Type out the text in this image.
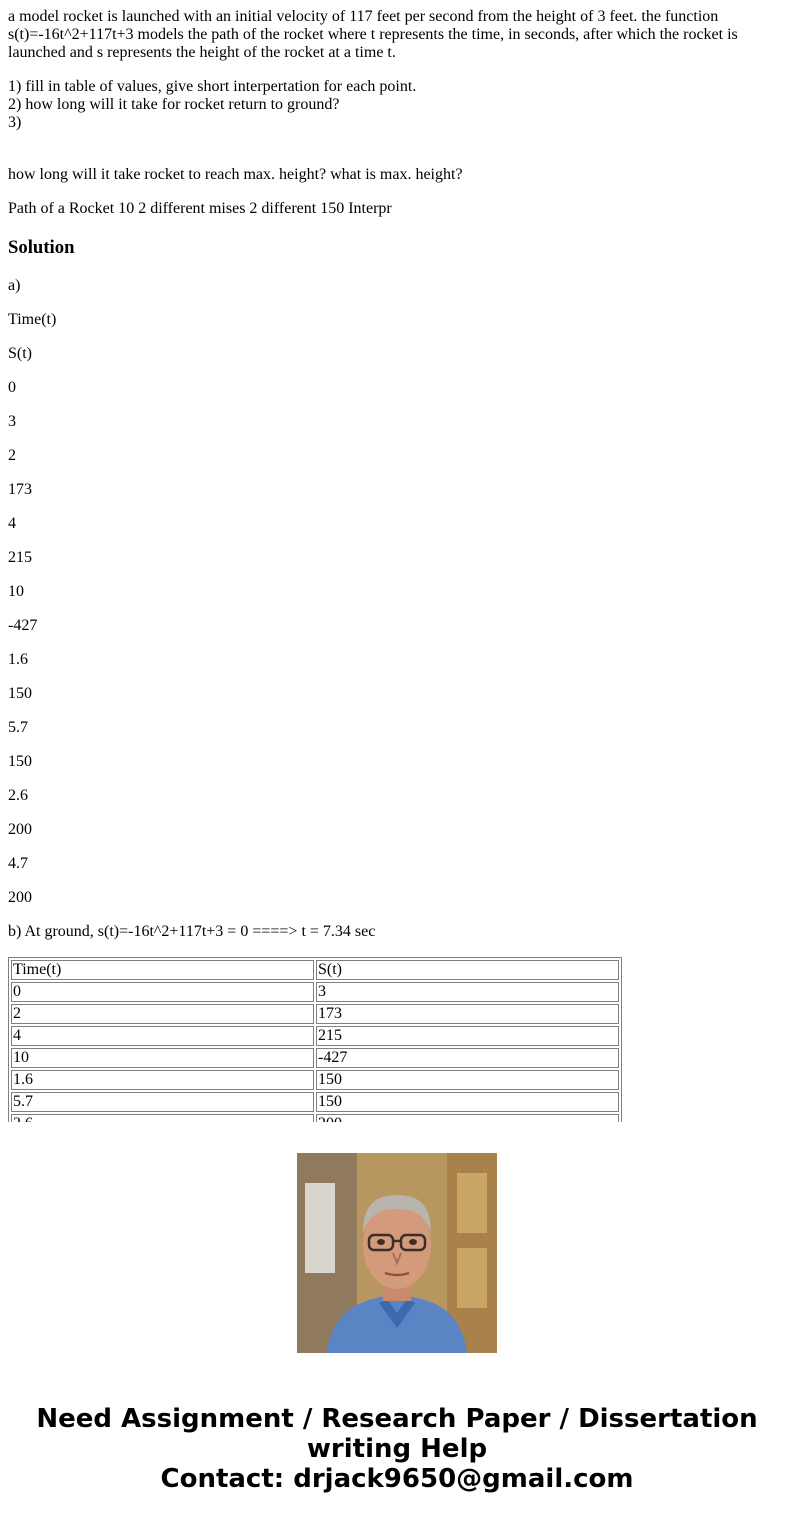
a model rocket is launched with an initial velocity of 117 feet per second from the height of 3 feet. the function s(t)=-16t^2+117t+3 models the path of the rocket where t represents the time, in seconds, after which the rocket is launched and s represents the height of the rocket at a time t.

1) fill in table of values, give short interpertation for each point.
2) how long will it take for rocket return to ground?
3)

how long will it take rocket to reach max. height? what is max. height?

Path of a Rocket 10 2 different mises 2 different 150 Interpr

Solution

a)

Time(t)

S(t)

0

3

2

173

4

215

10

-427

1.6

150

5.7

150

2.6

200

4.7

200

b) At ground, s(t)=-16t^2+117t+3 = 0 ====> t = 7.34 sec

Time(t)	S(t)
0	3
2	173
4	215
10	-427
1.6	150
5.7	150

Need Assignment / Research Paper / Dissertation
writing Help
Contact: drjack9650@gmail.com
